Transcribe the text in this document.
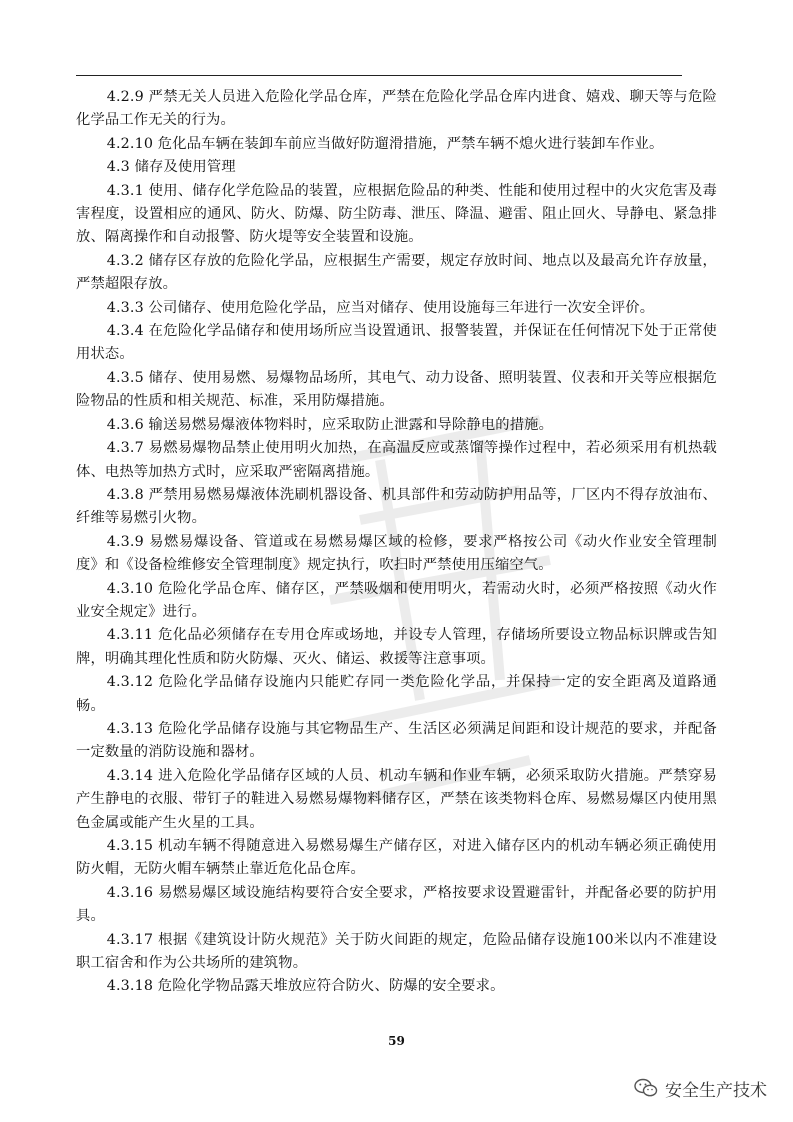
4.2.9 严禁无关人员进入危险化学品仓库，严禁在危险化学品仓库内进食、嬉戏、聊天等与危险化学品工作无关的行为。

4.2.10 危化品车辆在装卸车前应当做好防遛滑措施，严禁车辆不熄火进行装卸车作业。

4.3 储存及使用管理

4.3.1 使用、储存化学危险品的装置，应根据危险品的种类、性能和使用过程中的火灾危害及毒害程度，设置相应的通风、防火、防爆、防尘防毒、泄压、降温、避雷、阻止回火、导静电、紧急排放、隔离操作和自动报警、防火堤等安全装置和设施。

4.3.2 储存区存放的危险化学品，应根据生产需要，规定存放时间、地点以及最高允许存放量，严禁超限存放。

4.3.3 公司储存、使用危险化学品，应当对储存、使用设施每三年进行一次安全评价。

4.3.4 在危险化学品储存和使用场所应当设置通讯、报警装置，并保证在任何情况下处于正常使用状态。

4.3.5 储存、使用易燃、易爆物品场所，其电气、动力设备、照明装置、仪表和开关等应根据危险物品的性质和相关规范、标准，采用防爆措施。

4.3.6 输送易燃易爆液体物料时，应采取防止泄露和导除静电的措施。

4.3.7 易燃易爆物品禁止使用明火加热，在高温反应或蒸馏等操作过程中，若必须采用有机热载体、电热等加热方式时，应采取严密隔离措施。

4.3.8 严禁用易燃易爆液体洗刷机器设备、机具部件和劳动防护用品等，厂区内不得存放油布、纤维等易燃引火物。

4.3.9 易燃易爆设备、管道或在易燃易爆区域的检修，要求严格按公司《动火作业安全管理制度》和《设备检维修安全管理制度》规定执行，吹扫时严禁使用压缩空气。

4.3.10 危险化学品仓库、储存区，严禁吸烟和使用明火，若需动火时，必须严格按照《动火作业安全规定》进行。

4.3.11 危化品必须储存在专用仓库或场地，并设专人管理，存储场所要设立物品标识牌或告知牌，明确其理化性质和防火防爆、灭火、储运、救援等注意事项。

4.3.12 危险化学品储存设施内只能贮存同一类危险化学品，并保持一定的安全距离及道路通畅。

4.3.13 危险化学品储存设施与其它物品生产、生活区必须满足间距和设计规范的要求，并配备一定数量的消防设施和器材。

4.3.14 进入危险化学品储存区域的人员、机动车辆和作业车辆，必须采取防火措施。严禁穿易产生静电的衣服、带钉子的鞋进入易燃易爆物料储存区，严禁在该类物料仓库、易燃易爆区内使用黑色金属或能产生火星的工具。

4.3.15 机动车辆不得随意进入易燃易爆生产储存区，对进入储存区内的机动车辆必须正确使用防火帽，无防火帽车辆禁止靠近危化品仓库。

4.3.16 易燃易爆区域设施结构要符合安全要求，严格按要求设置避雷针，并配备必要的防护用具。

4.3.17 根据《建筑设计防火规范》关于防火间距的规定，危险品储存设施100米以内不准建设职工宿舍和作为公共场所的建筑物。

4.3.18 危险化学物品露天堆放应符合防火、防爆的安全要求。

59
安全生产技术
